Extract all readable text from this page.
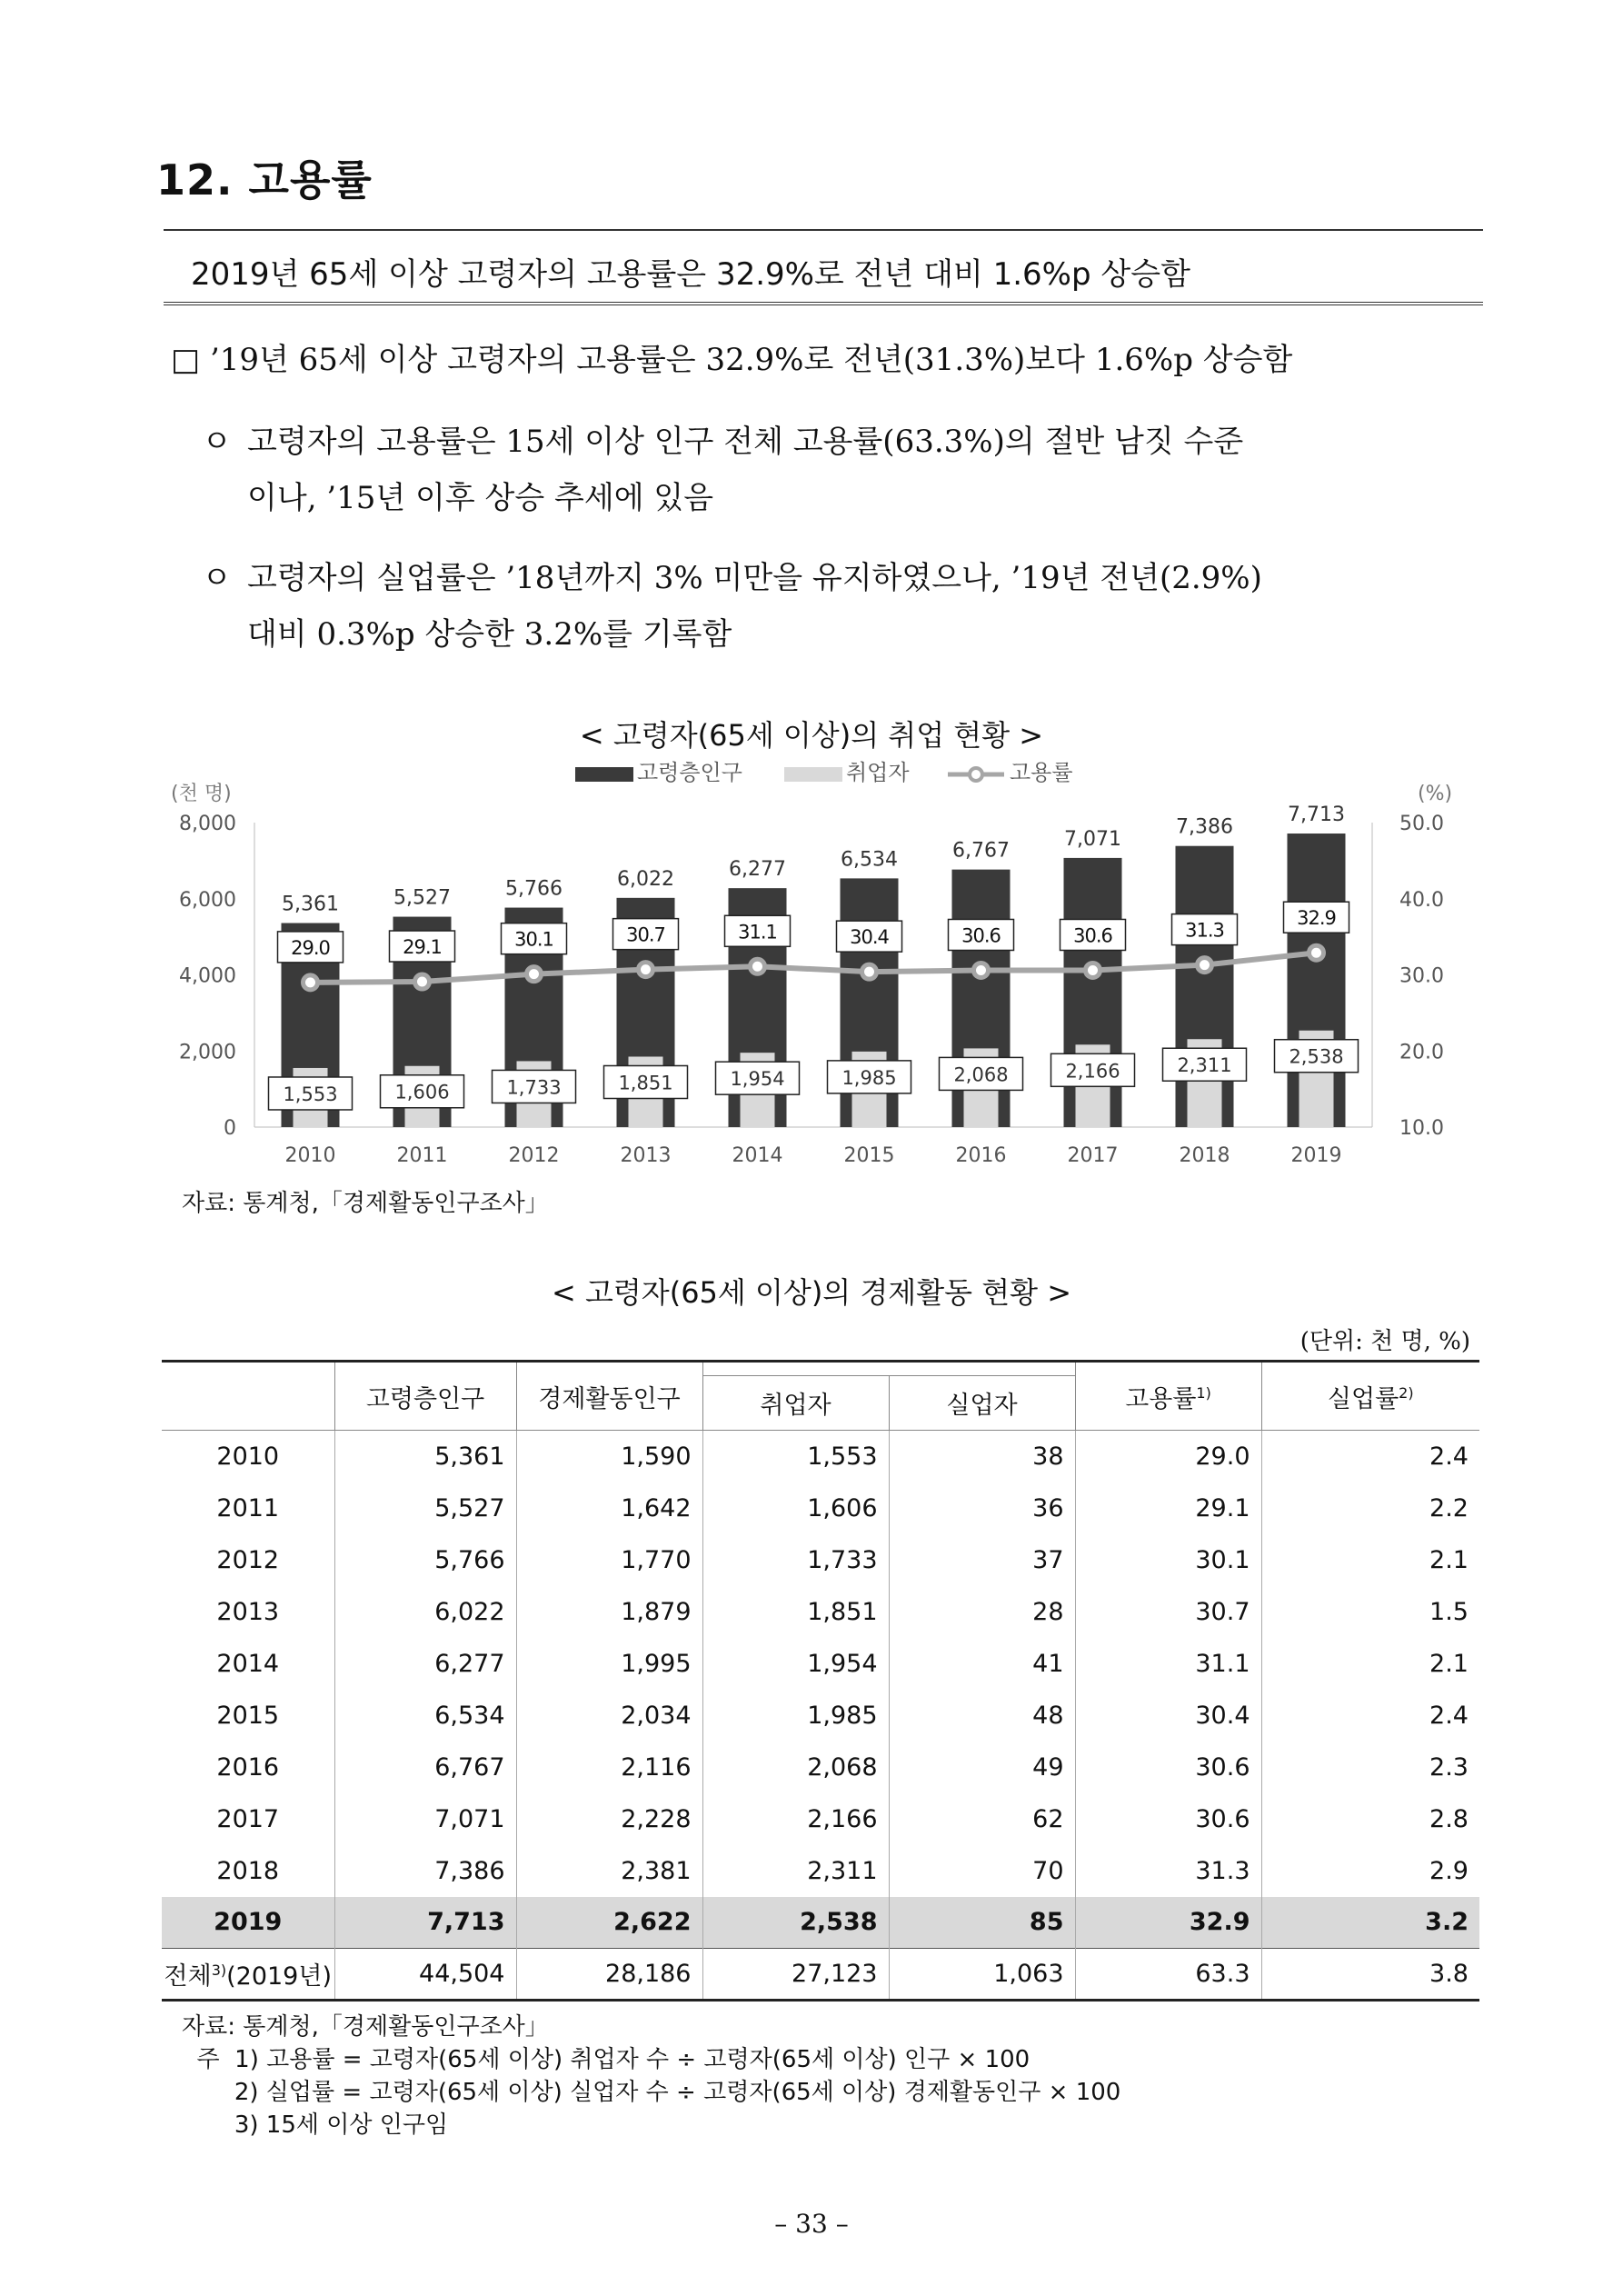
12. 고용률
2019년 65세 이상 고령자의 고용률은 32.9%로 전년 대비 1.6%p 상승함
□ ’19년 65세 이상 고령자의 고용률은 32.9%로 전년(31.3%)보다 1.6%p 상승함
ㅇ 고령자의 고용률은 15세 이상 인구 전체 고용률(63.3%)의 절반 남짓 수준
이나, ’15년 이후 상승 추세에 있음
ㅇ 고령자의 실업률은 ’18년까지 3% 미만을 유지하였으나, ’19년 전년(2.9%)
대비 0.3%p 상승한 3.2%를 기록함
< 고령자(65세 이상)의 취업 현황 >
(천 명)	(%)
0
2,000
4,000
6,000
8,000
10.0
20.0
30.0
40.0
50.0
고령층인구	취업자	고용률
5,361
1,553
2010
5,527
1,606
2011
5,766
1,733
2012
6,022
1,851
2013
6,277
1,954
2014
6,534
1,985
2015
6,767
2,068
2016
7,071
2,166
2017
7,386
2,311
2018
7,713
2,538
2019
29.0	29.1	30.1	30.7	31.1	30.4	30.6	30.6	31.3
32.9
자료: 통계청,「경제활동인구조사」
< 고령자(65세 이상)의 경제활동 현황 >
(단위: 천 명, %)
	고령층인구	경제활동인구			고용률$^{1)}$	실업률$^{2)}$
			취업자	실업자		
2010	5,361	1,590	1,553	38	29.0	2.4
2011	5,527	1,642	1,606	36	29.1	2.2
2012	5,766	1,770	1,733	37	30.1	2.1
2013	6,022	1,879	1,851	28	30.7	1.5
2014	6,277	1,995	1,954	41	31.1	2.1
2015	6,534	2,034	1,985	48	30.4	2.4
2016	6,767	2,116	2,068	49	30.6	2.3
2017	7,071	2,228	2,166	62	30.6	2.8
2018	7,386	2,381	2,311	70	31.3	2.9
2019	7,713	2,622	2,538	85	32.9	3.2
전체$^{3)}$(2019년)	44,504	28,186	27,123	1,063	63.3	3.8
자료: 통계청,「경제활동인구조사」
주  1) 고용률 = 고령자(65세 이상) 취업자 수 ÷ 고령자(65세 이상) 인구 × 100
2) 실업률 = 고령자(65세 이상) 실업자 수 ÷ 고령자(65세 이상) 경제활동인구 × 100
3) 15세 이상 인구임
– 33 –
